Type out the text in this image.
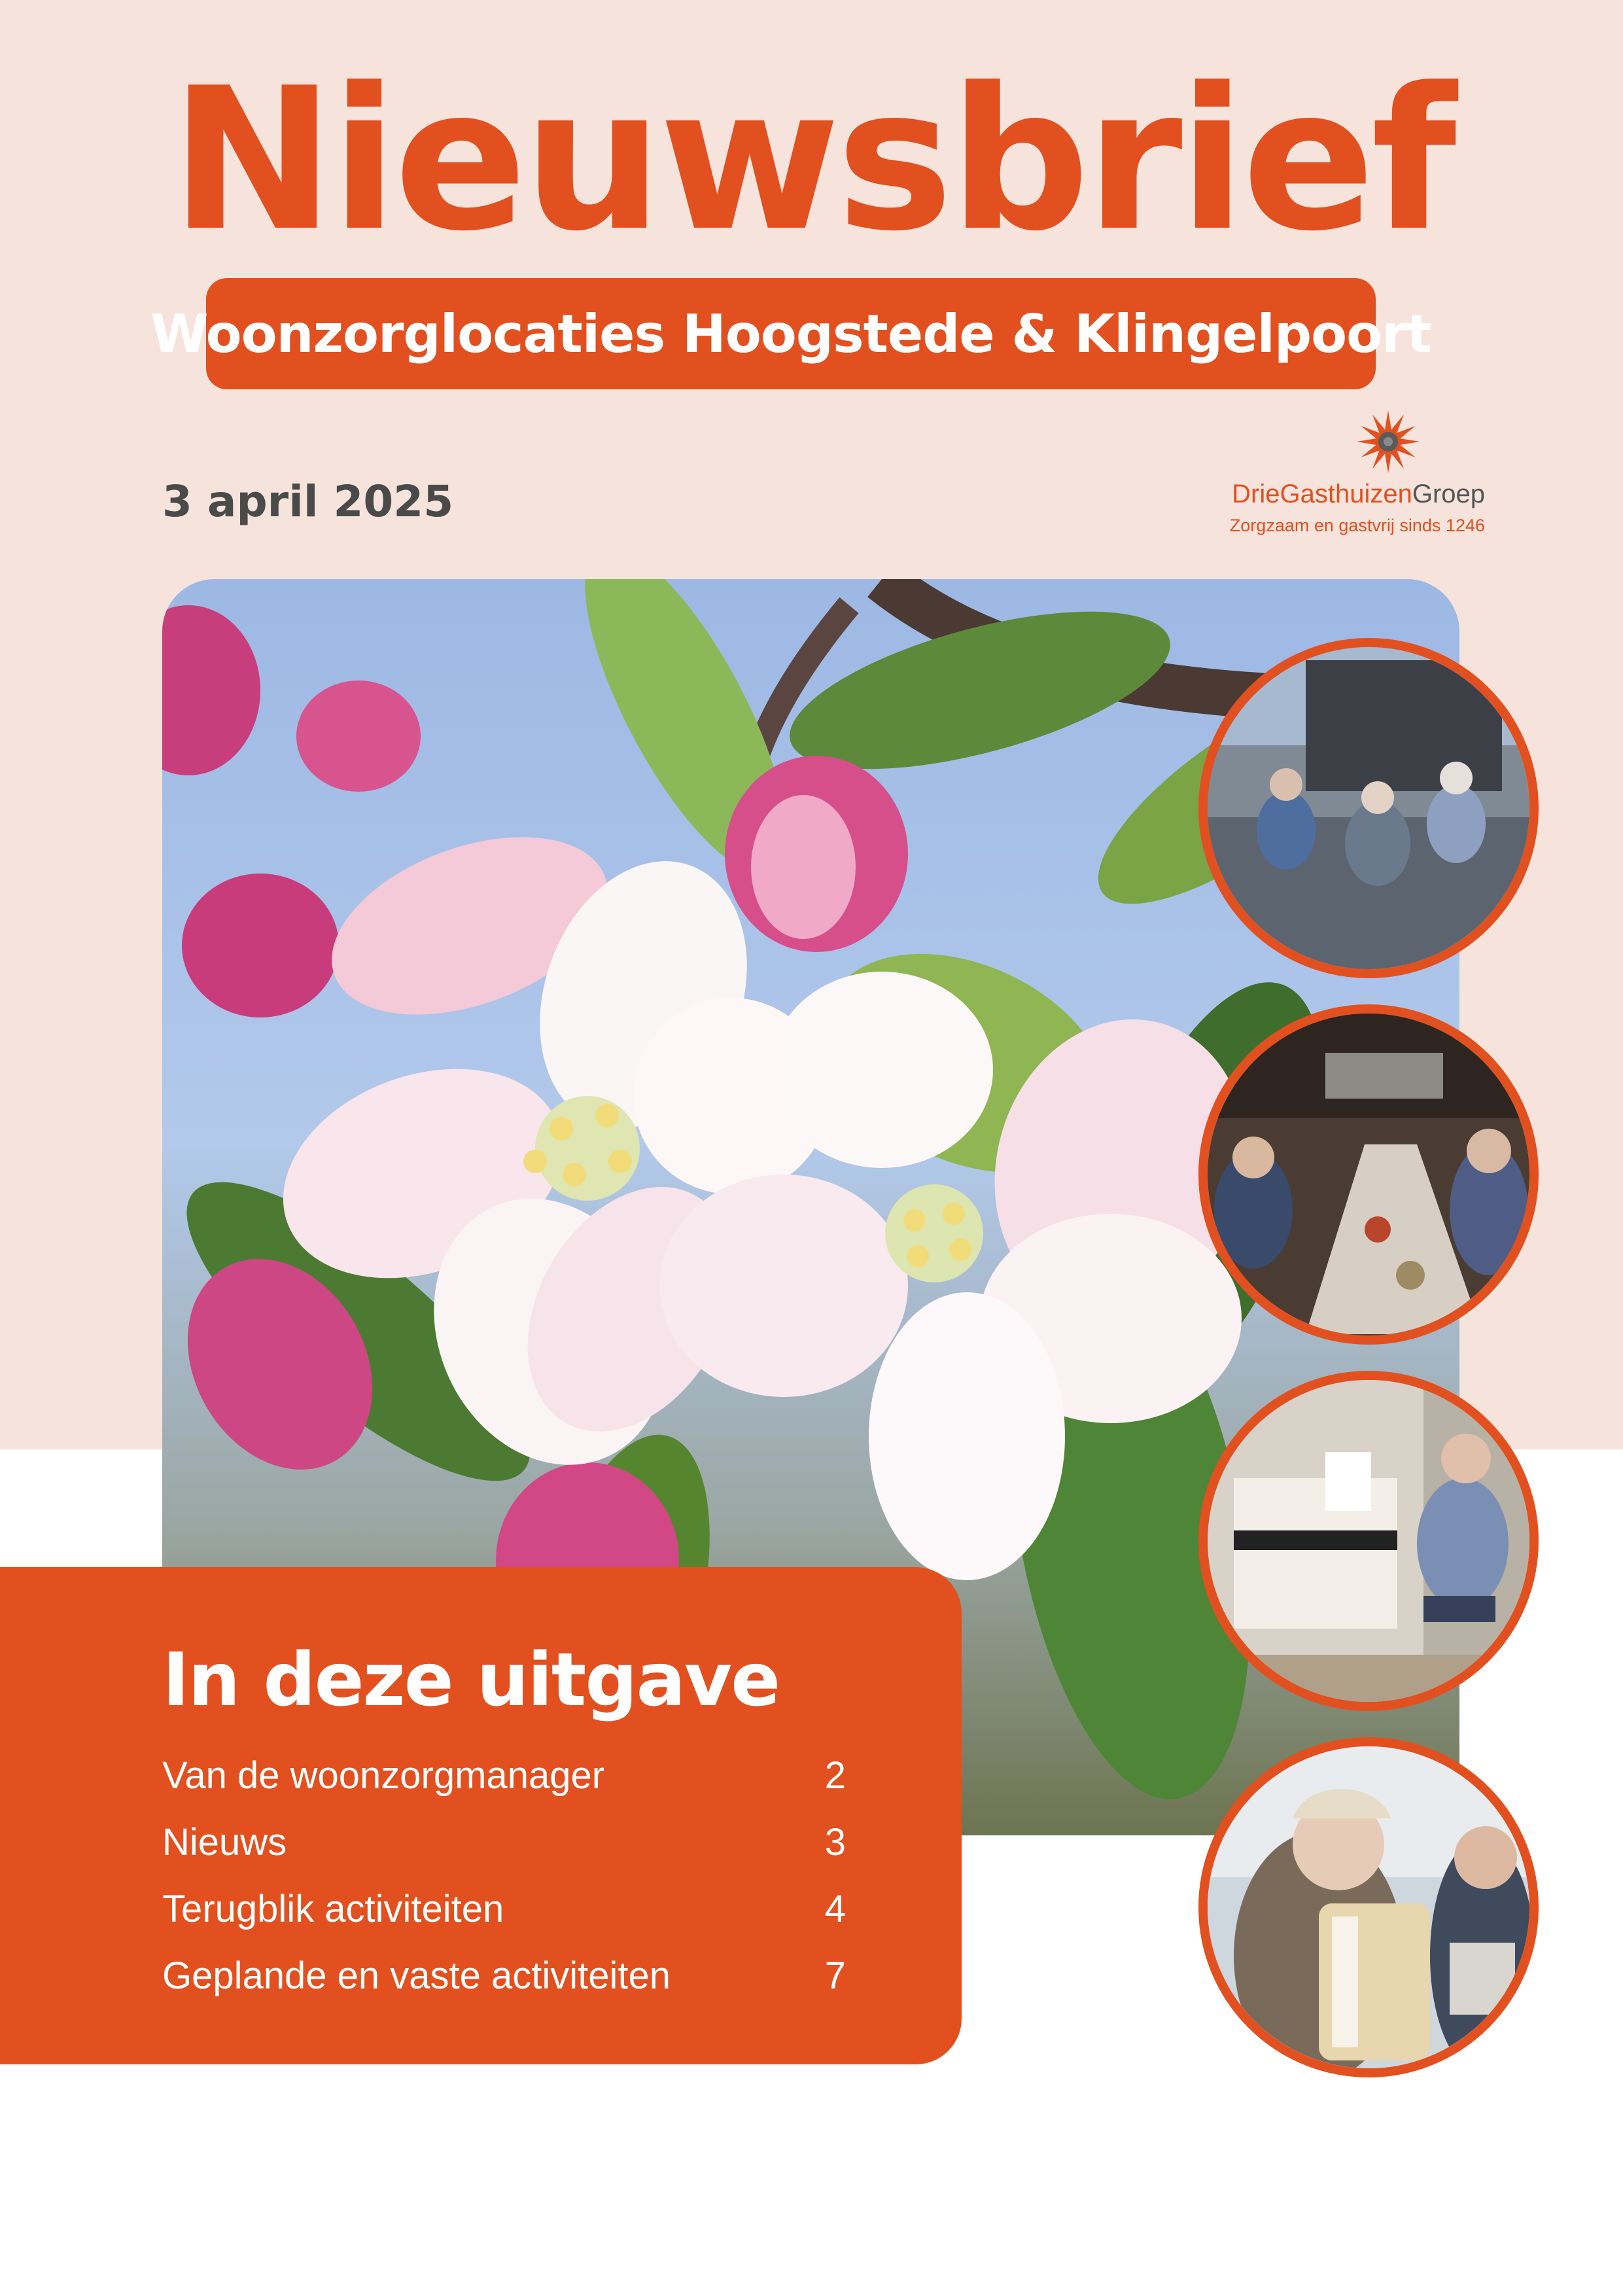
Nieuwsbrief
Woonzorglocaties Hoogstede & Klingelpoort
3 april 2025	DrieGasthuizenGroep
Zorgzaam en gastvrij sinds 1246
In deze uitgave
Van de woonzorgmanager	2
Nieuws	3
Terugblik activiteiten	4
Geplande en vaste activiteiten	7
